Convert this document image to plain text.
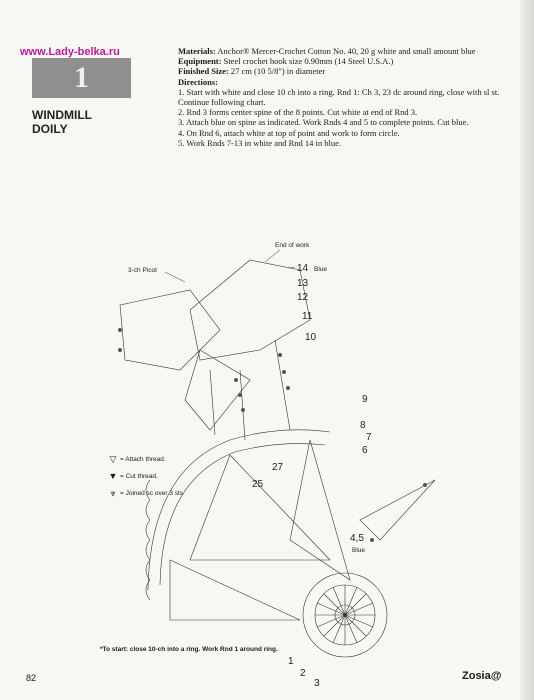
www.Lady-belka.ru
1
WINDMILL
DOILY
Materials: Anchor® Mercer-Crochet Cotton No. 40, 20 g white and small amount blue
Equipment: Steel crochet hook size 0.90mm (14 Steel U.S.A.)
Finished Size: 27 cm (10 5/8") in diameter
Directions:
1. Start with white and close 10 ch into a ring. Rnd 1: Ch 3, 23 dc around ring, close with sl st. Continue following chart.
2. Rnd 3 forms center spine of the 8 points. Cut white at end of Rnd 3.
3. Attach blue on spine as indicated. Work Rnds 4 and 5 to complete points. Cut blue.
4. On Rnd 6, attach white at top of point and work to form circle.
5. Work Rnds 7-13 in white and Rnd 14 in blue.
End of work
3-ch Picot	14 Blue
13
12
11
10
9
8
7
6
4,5
Blue
27
25
1
2
3
▽ = Attach thread.
▼ = Cut thread.
⩔ = Joined sc over 3 sts
*To start: close 10-ch into a ring. Work Rnd 1 around ring.
82	Zosia@
